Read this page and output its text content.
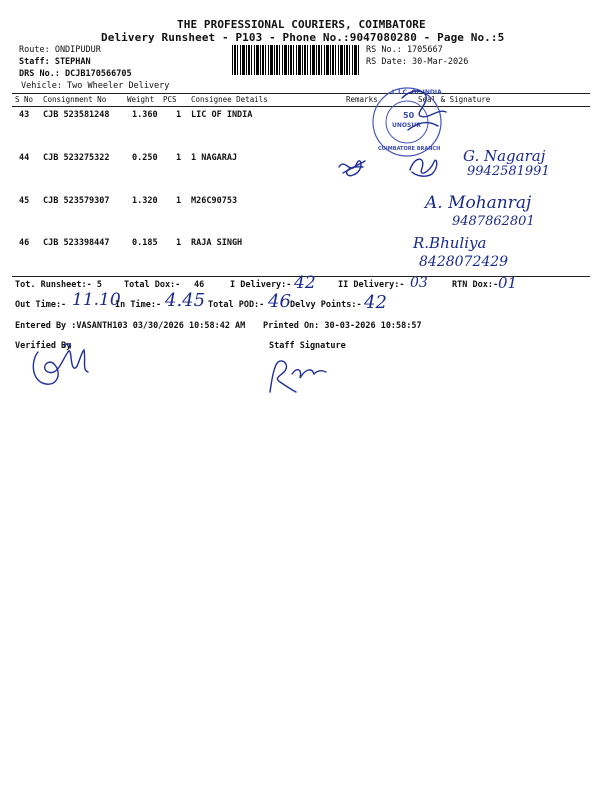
THE PROFESSIONAL COURIERS, COIMBATORE
Delivery Runsheet - P103 - Phone No.:9047080280 - Page No.:5
Route: ONDIPUDUR
Staff: STEPHAN
DRS No.: DCJB170566705
Vehicle: Two Wheeler Delivery
RS No.: 1705667
RS Date: 30-Mar-2026
S No Consignment No	Weight PCS Consignee Details	Remarks	Seal & Signature
43 CJB 523581248	1.360 1 LIC OF INDIA
44 CJB 523275322	0.250 1 1 NAGARAJ
45 CJB 523579307	1.320 1 M26C90753
46 CJB 523398447	0.185 1 RAJA SINGH
L.I.C. OF INDIA
50
UNOSUR
COIMBATORE BRANCH G. Nagaraj
9942581991
A. Mohanraj
9487862801
R.Bhuliya
8428072429
Tot. Runsheet:- 5	Total Dox:- 46	I Delivery:- 42	II Delivery:- 03	RTN Dox:- 01
Out Time:- 11.10
In Time:- 4.45 Total POD:- 46 Delvy Points:- 42
Entered By :VASANTH103 03/30/2026 10:58:42 AM Printed On: 30-03-2026 10:58:57
Verified By	Staff Signature
